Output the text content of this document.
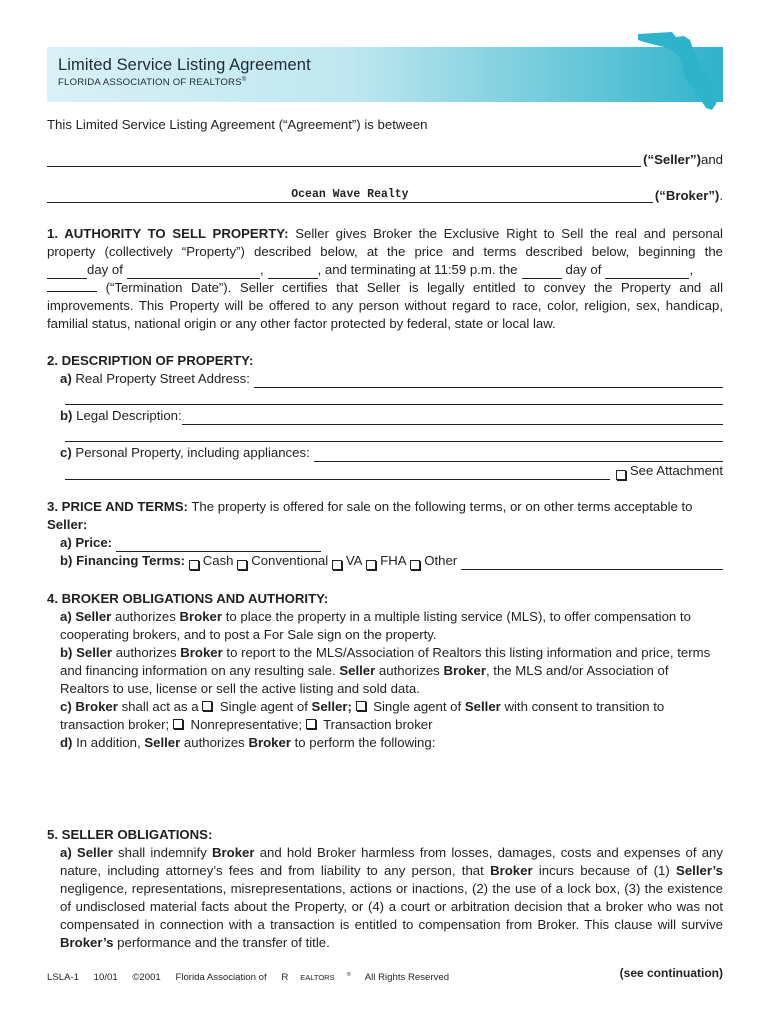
Limited Service Listing Agreement
FLORIDA ASSOCIATION OF REALTORS®
This Limited Service Listing Agreement (“Agreement”) is between
(“Seller”) and
Ocean Wave Realty	(“Broker”) .
1. AUTHORITY TO SELL PROPERTY: Seller gives Broker the Exclusive Right to Sell the real and personal
property (collectively “Property”) described below, at the price and terms described below, beginning the
day of	,	, and terminating at 11:59 p.m. the	day of	,
(“Termination Date”). Seller certifies that Seller is legally entitled to convey the Property and all
improvements. This Property will be offered to any person without regard to race, color, religion, sex, handicap,
familial status, national origin or any other factor protected by federal, state or local law.
2. DESCRIPTION OF PROPERTY:
a)
Real Property Street Address:
b)
Legal Description:
c)
Personal Property, including appliances:
See Attachment
3. PRICE AND TERMS: The property is offered for sale on the following terms, or on other terms acceptable to
Seller:
a) Price:
b) Financing Terms:
Cash
Conventional
VA
FHA
Other
4. BROKER OBLIGATIONS AND AUTHORITY:
a) Seller authorizes Broker to place the property in a multiple listing service (MLS), to offer compensation to
cooperating brokers, and to post a For Sale sign on the property.
b) Seller authorizes Broker to report to the MLS/Association of Realtors this listing information and price, terms
and financing information on any resulting sale. Seller authorizes Broker, the MLS and/or Association of
Realtors to use, license or sell the active listing and sold data.
c) Broker shall act as a  Single agent of Seller;  Single agent of Seller with consent to transition to
transaction broker;  Nonrepresentative;  Transaction broker
d) In addition, Seller authorizes Broker to perform the following:
5. SELLER OBLIGATIONS:
a) Seller shall indemnify Broker and hold Broker harmless from losses, damages, costs and expenses of any
nature, including attorney’s fees and from liability to any person, that Broker incurs because of (1) Seller’s
negligence, representations, misrepresentations, actions or inactions, (2) the use of a lock box, (3) the existence
of undisclosed material facts about the Property, or (4) a court or arbitration decision that a broker who was not
compensated in connection with a transaction is entitled to compensation from Broker. This clause will survive
Broker’s performance and the transfer of title.
LSLA-1 10/01 ©2001 Florida Association of R EALTORS ® All Rights Reserved	(see continuation)
